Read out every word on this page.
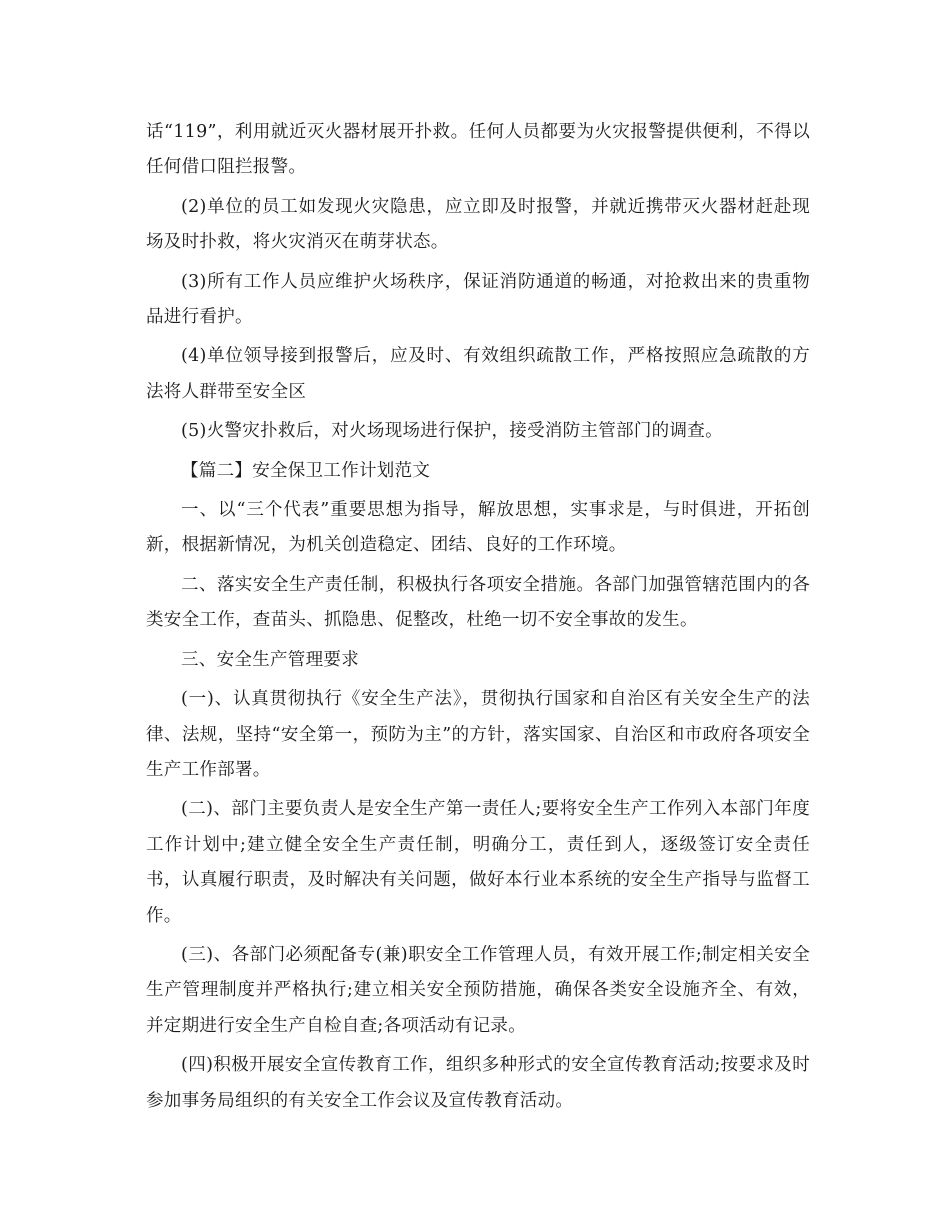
话“119”，利用就近灭火器材展开扑救。任何人员都要为火灾报警提供便利，不得以任何借口阻拦报警。

(2)单位的员工如发现火灾隐患，应立即及时报警，并就近携带灭火器材赶赴现场及时扑救，将火灾消灭在萌芽状态。

(3)所有工作人员应维护火场秩序，保证消防通道的畅通，对抢救出来的贵重物品进行看护。

(4)单位领导接到报警后，应及时、有效组织疏散工作，严格按照应急疏散的方法将人群带至安全区

(5)火警灾扑救后，对火场现场进行保护，接受消防主管部门的调查。

【篇二】安全保卫工作计划范文

一、以“三个代表”重要思想为指导，解放思想，实事求是，与时俱进，开拓创新，根据新情况，为机关创造稳定、团结、良好的工作环境。

二、落实安全生产责任制，积极执行各项安全措施。各部门加强管辖范围内的各类安全工作，查苗头、抓隐患、促整改，杜绝一切不安全事故的发生。

三、安全生产管理要求

(一)、认真贯彻执行《安全生产法》，贯彻执行国家和自治区有关安全生产的法律、法规，坚持“安全第一，预防为主”的方针，落实国家、自治区和市政府各项安全生产工作部署。

(二)、部门主要负责人是安全生产第一责任人;要将安全生产工作列入本部门年度工作计划中;建立健全安全生产责任制，明确分工，责任到人，逐级签订安全责任书，认真履行职责，及时解决有关问题，做好本行业本系统的安全生产指导与监督工作。

(三)、各部门必须配备专(兼)职安全工作管理人员，有效开展工作;制定相关安全生产管理制度并严格执行;建立相关安全预防措施，确保各类安全设施齐全、有效，并定期进行安全生产自检自查;各项活动有记录。

(四)积极开展安全宣传教育工作，组织多种形式的安全宣传教育活动;按要求及时参加事务局组织的有关安全工作会议及宣传教育活动。
